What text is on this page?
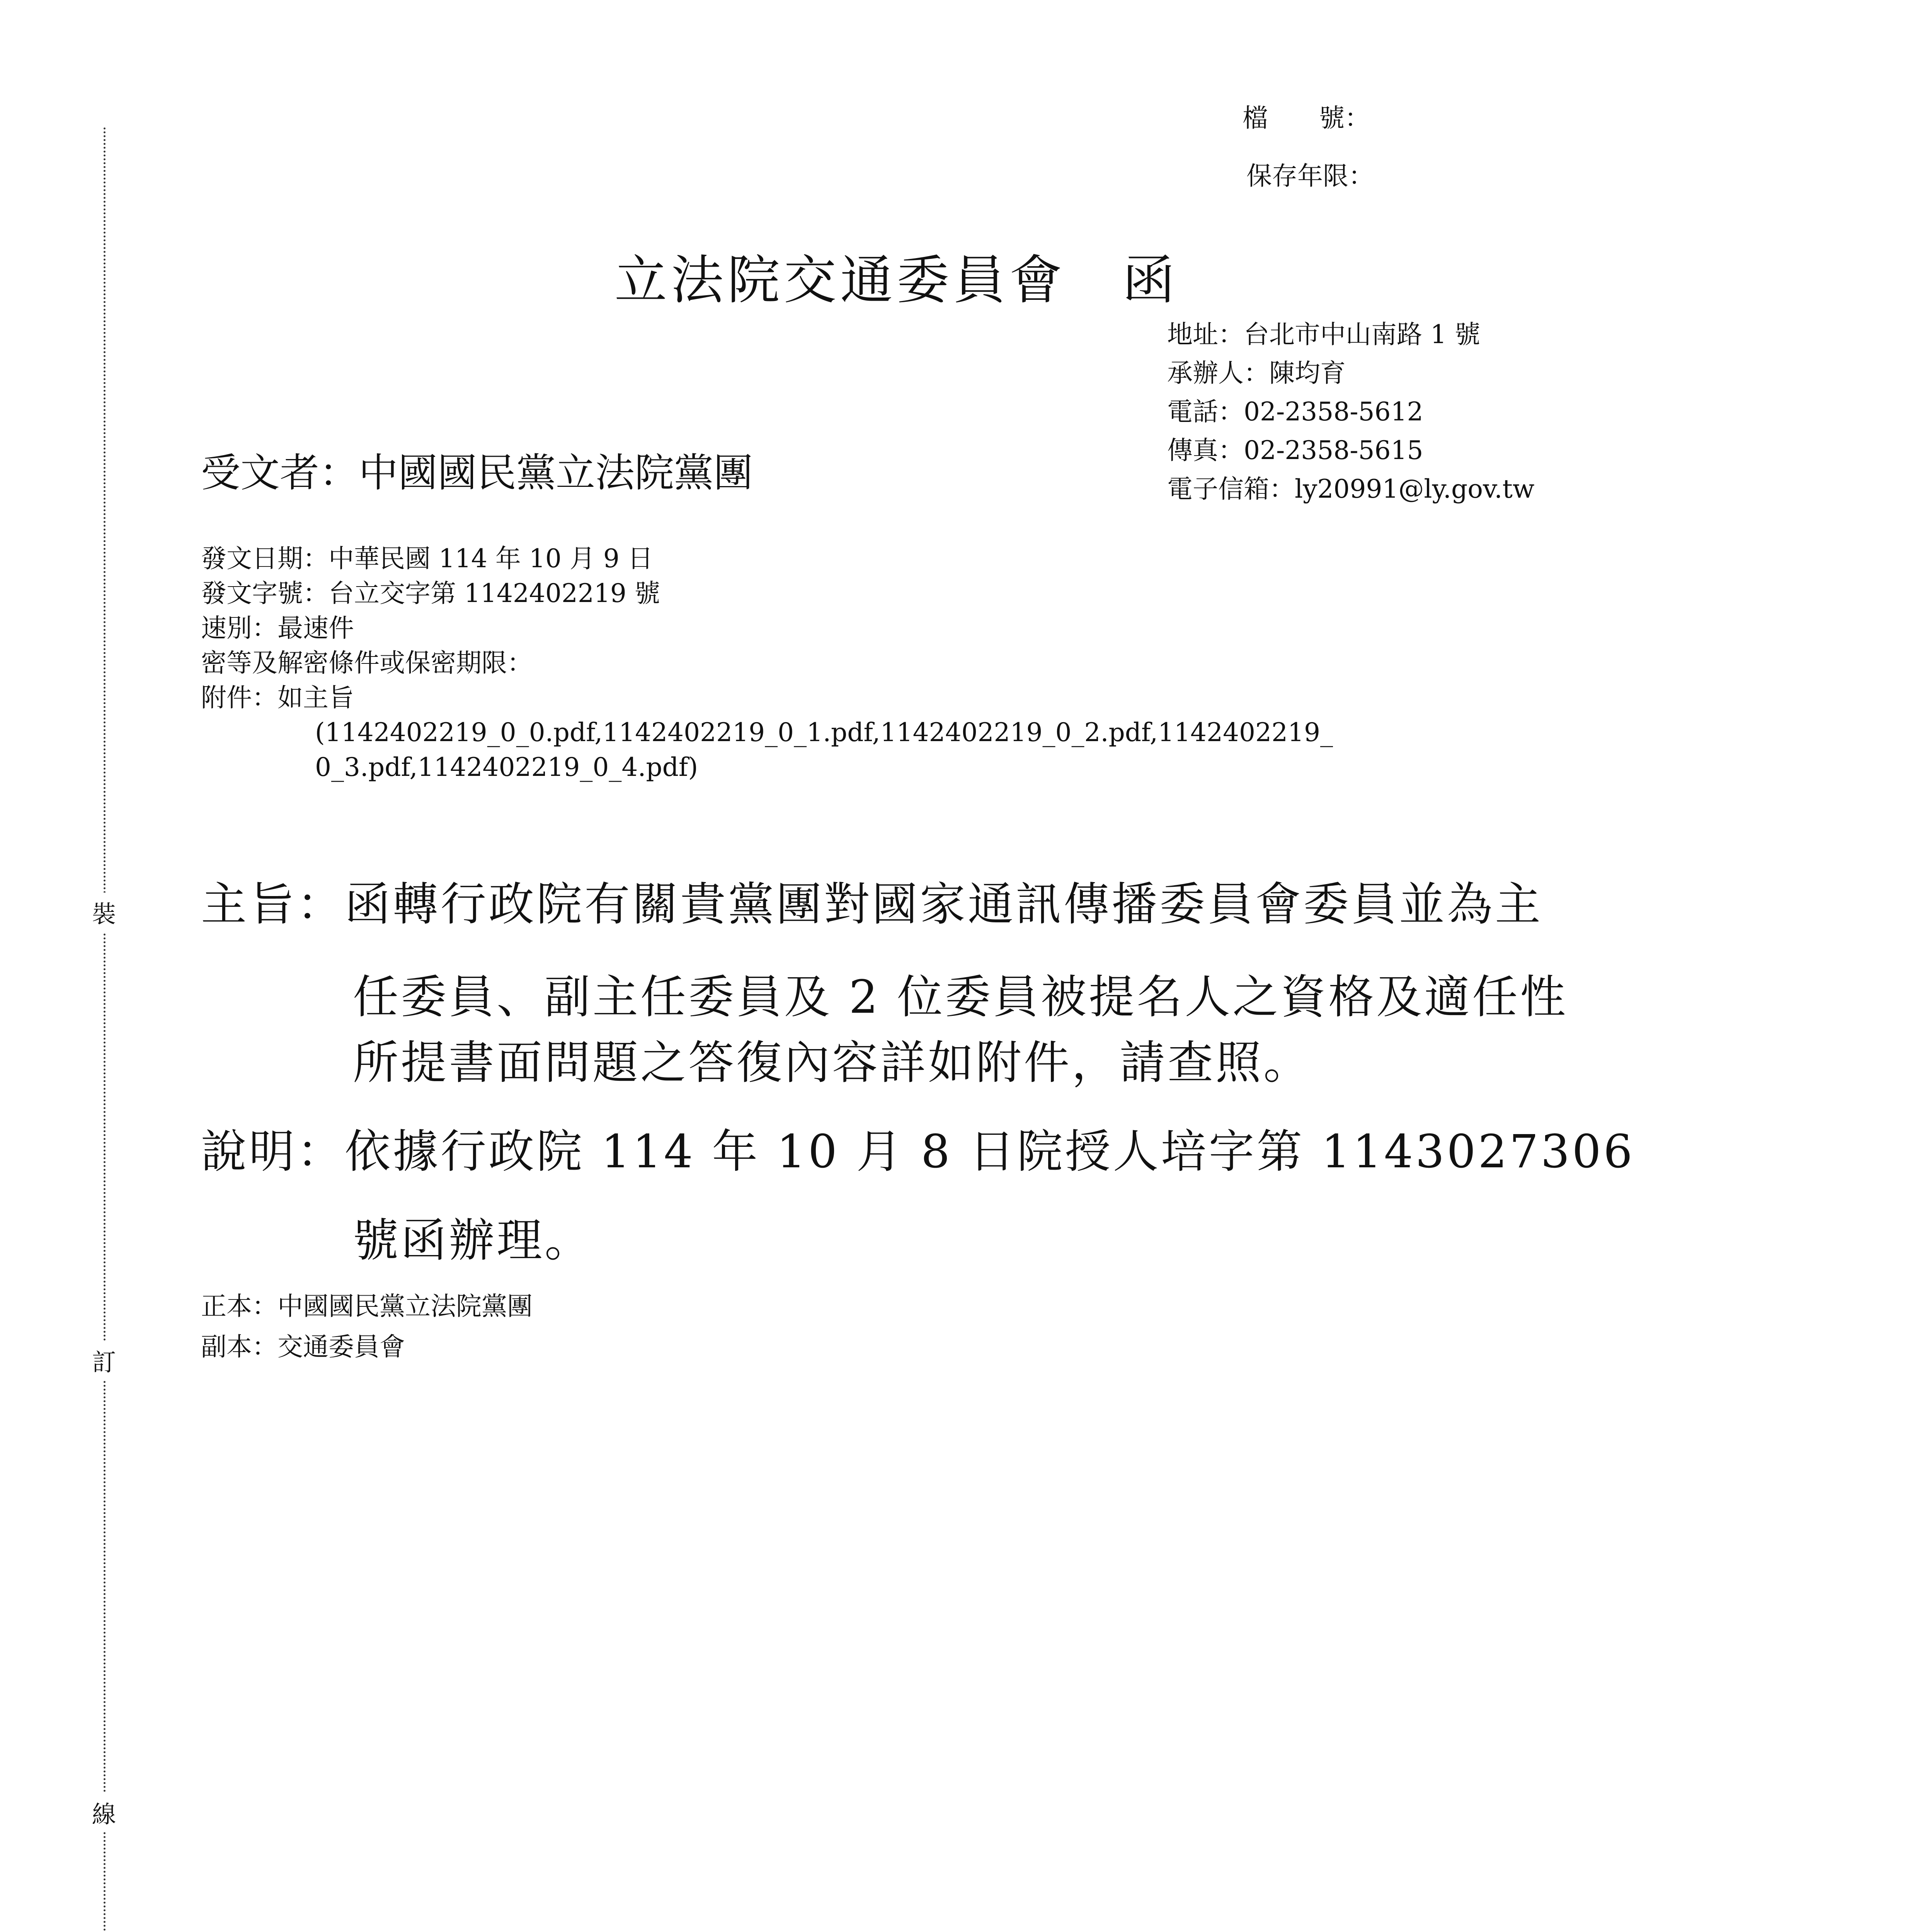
裝
訂
線
檔　　號：
保存年限：
立法院交通委員會　函
地址：台北市中山南路 1 號
承辦人：陳均育
電話：02-2358-5612
傳真：02-2358-5615
電子信箱：ly20991@ly.gov.tw
受文者：中國國民黨立法院黨團
發文日期：中華民國 114 年 10 月 9 日
發文字號：台立交字第 1142402219 號
速別：最速件
密等及解密條件或保密期限：
附件：如主旨
(1142402219_0_0.pdf,1142402219_0_1.pdf,1142402219_0_2.pdf,1142402219_
0_3.pdf,1142402219_0_4.pdf)
主旨：函轉行政院有關貴黨團對國家通訊傳播委員會委員並為主
任委員、副主任委員及 2 位委員被提名人之資格及適任性
所提書面問題之答復內容詳如附件，請查照。
說明：依據行政院 114 年 10 月 8 日院授人培字第 1143027306
號函辦理。
正本：中國國民黨立法院黨團
副本：交通委員會
